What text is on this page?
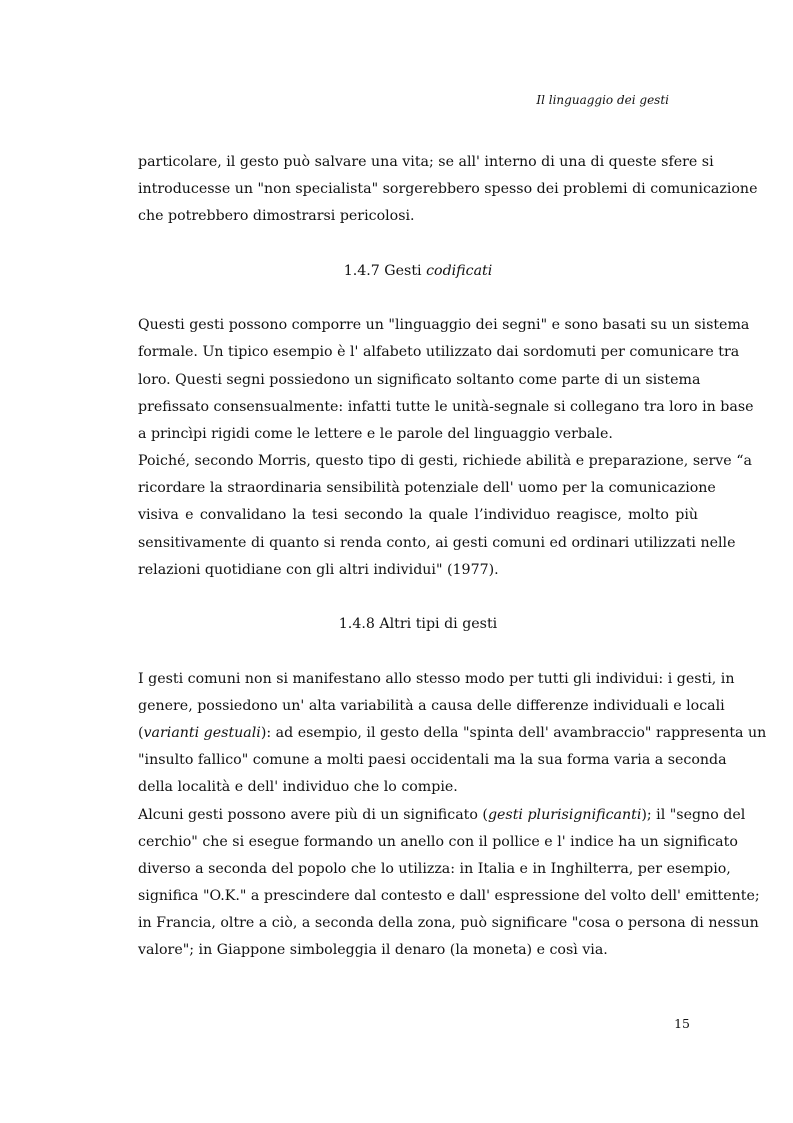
Il linguaggio dei gesti
particolare, il gesto può salvare una vita; se all' interno di una di queste sfere si
introducesse un "non specialista" sorgerebbero spesso dei problemi di comunicazione
che potrebbero dimostrarsi pericolosi.
1.4.7 Gesti codificati
Questi gesti possono comporre un "linguaggio dei segni" e sono basati su un sistema
formale. Un tipico esempio è l' alfabeto utilizzato dai sordomuti per comunicare tra
loro. Questi segni possiedono un significato soltanto come parte di un sistema
prefissato consensualmente: infatti tutte le unità-segnale si collegano tra loro in base
a princìpi rigidi come le lettere e le parole del linguaggio verbale.
Poiché, secondo Morris, questo tipo di gesti, richiede abilità e preparazione, serve “a
ricordare la straordinaria sensibilità potenziale dell' uomo per la comunicazione
visiva e convalidano la tesi secondo la quale l’individuo reagisce, molto più
sensitivamente di quanto si renda conto, ai gesti comuni ed ordinari utilizzati nelle
relazioni quotidiane con gli altri individui" (1977).
1.4.8 Altri tipi di gesti
I gesti comuni non si manifestano allo stesso modo per tutti gli individui: i gesti, in
genere, possiedono un' alta variabilità a causa delle differenze individuali e locali
(varianti gestuali): ad esempio, il gesto della "spinta dell' avambraccio" rappresenta un
"insulto fallico" comune a molti paesi occidentali ma la sua forma varia a seconda
della località e dell' individuo che lo compie.
Alcuni gesti possono avere più di un significato (gesti plurisignificanti); il "segno del
cerchio" che si esegue formando un anello con il pollice e l' indice ha un significato
diverso a seconda del popolo che lo utilizza: in Italia e in Inghilterra, per esempio,
significa "O.K." a prescindere dal contesto e dall' espressione del volto dell' emittente;
in Francia, oltre a ciò, a seconda della zona, può significare "cosa o persona di nessun
valore"; in Giappone simboleggia il denaro (la moneta) e così via.
15
